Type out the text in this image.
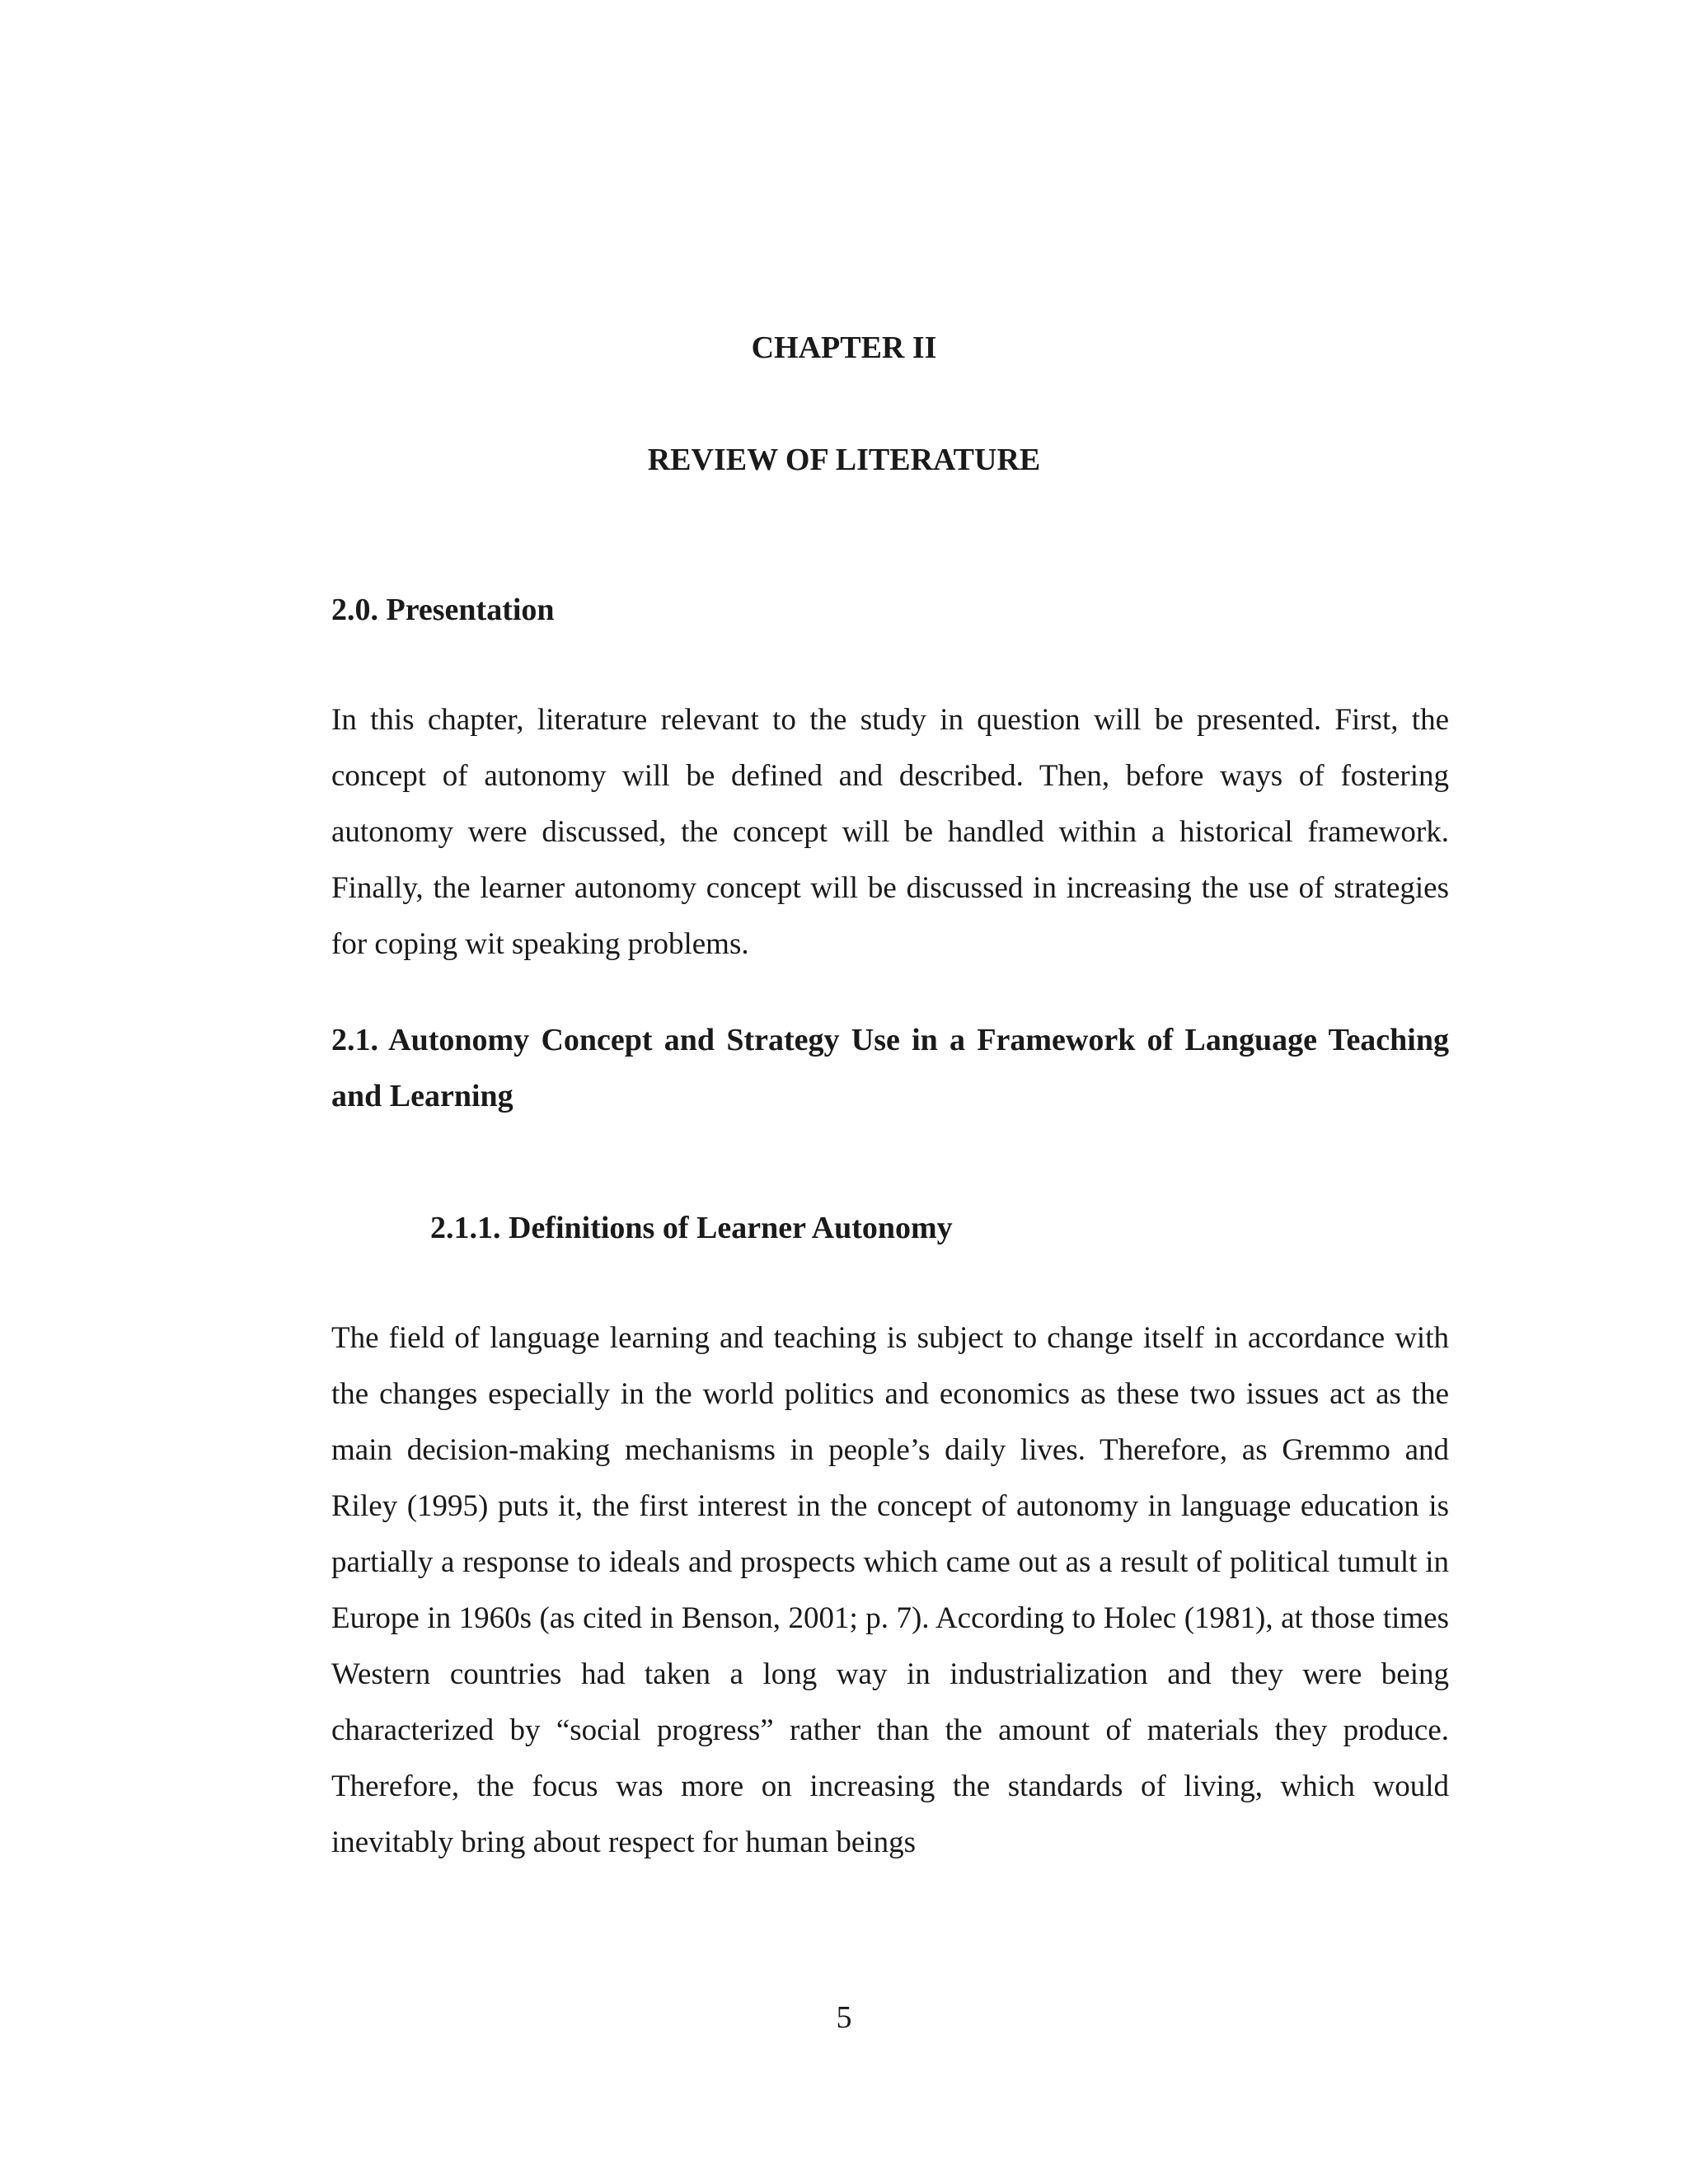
CHAPTER II
REVIEW OF LITERATURE
2.0. Presentation

In this chapter, literature relevant to the study in question will be presented. First, the concept of autonomy will be defined and described. Then, before ways of fostering autonomy were discussed, the concept will be handled within a historical framework. Finally, the learner autonomy concept will be discussed in increasing the use of strategies for coping wit speaking problems.

2.1. Autonomy Concept and Strategy Use in a Framework of Language Teaching and Learning
2.1.1. Definitions of Learner Autonomy

The field of language learning and teaching is subject to change itself in accordance with the changes especially in the world politics and economics as these two issues act as the main decision-making mechanisms in people’s daily lives. Therefore, as Gremmo and Riley (1995) puts it, the first interest in the concept of autonomy in language education is partially a response to ideals and prospects which came out as a result of political tumult in Europe in 1960s (as cited in Benson, 2001; p. 7). According to Holec (1981), at those times Western countries had taken a long way in industrialization and they were being characterized by “social progress” rather than the amount of materials they produce. Therefore, the focus was more on increasing the standards of living, which would inevitably bring about respect for human beings

5
